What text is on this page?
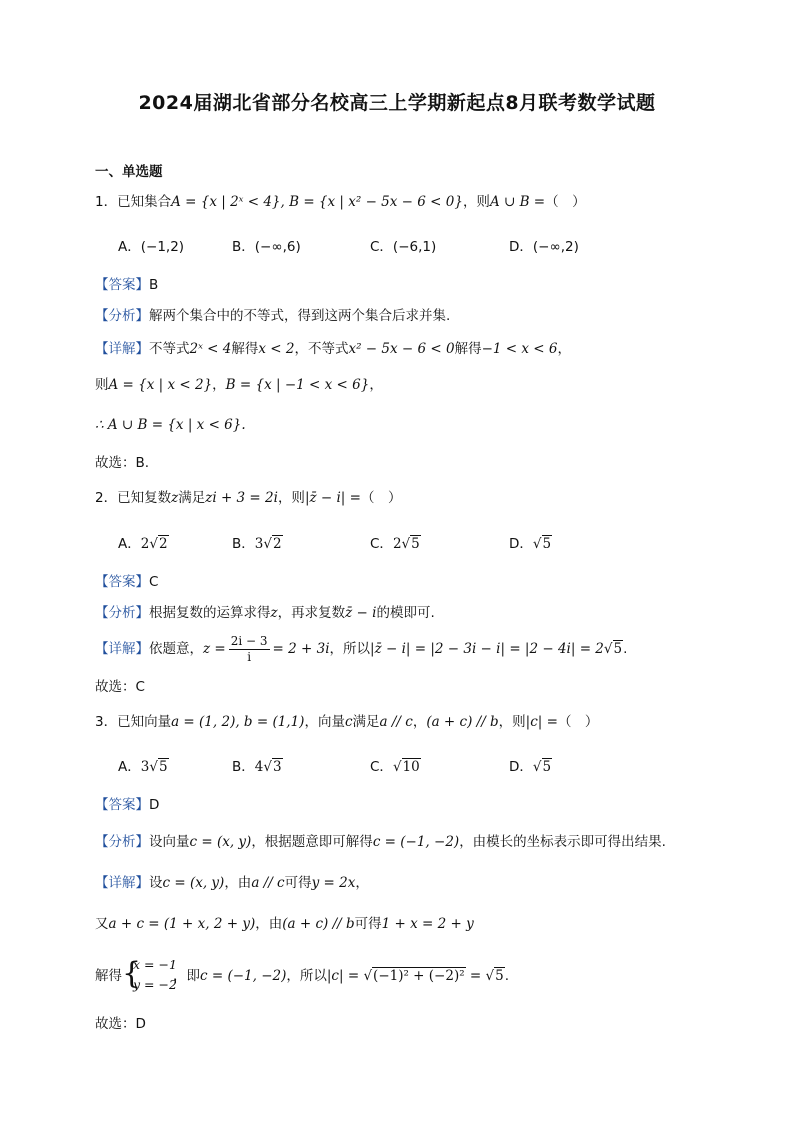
2024届湖北省部分名校高三上学期新起点8月联考数学试题
一、单选题
1．已知集合A = {x | 2ˣ < 4}, B = {x | x² − 5x − 6 < 0}，则A ∪ B =（　）
A．(−1,2)	B．(−∞,6)	C．(−6,1)	D．(−∞,2)
【答案】B
【分析】解两个集合中的不等式，得到这两个集合后求并集.
【详解】不等式2ˣ < 4解得x < 2，不等式x² − 5x − 6 < 0解得−1 < x < 6，
则A = {x | x < 2}，B = {x | −1 < x < 6}，
∴ A ∪ B = {x | x < 6}.
故选：B.
2．已知复数z满足zi + 3 = 2i，则|z̄ − i| =（　）
A．2√2	B．3√2	C．2√5	D．√5
【答案】C
【分析】根据复数的运算求得z，再求复数z̄ − i的模即可.
【详解】依题意，$z = \frac{2i - 3}{i} = 2 + 3i$，所以|z̄ − i| = |2 − 3i − i| = |2 − 4i| = 2√5.
故选：C
3．已知向量a = (1, 2), b = (1,1)，向量c满足a // c，(a + c) // b，则|c| =（　）
A．3√5	B．4√3	C．√10	D．√5
【答案】D
【分析】设向量c = (x, y)，根据题意即可解得c = (−1, −2)，由模长的坐标表示即可得出结果.
【详解】设c = (x, y)，由a // c可得y = 2x，
又a + c = (1 + x, 2 + y)，由(a + c) // b可得1 + x = 2 + y
解得 {
x = −1
y = −2
，即c = (−1, −2)，所以|c| = √(−1)² + (−2)² = √5.
故选：D
